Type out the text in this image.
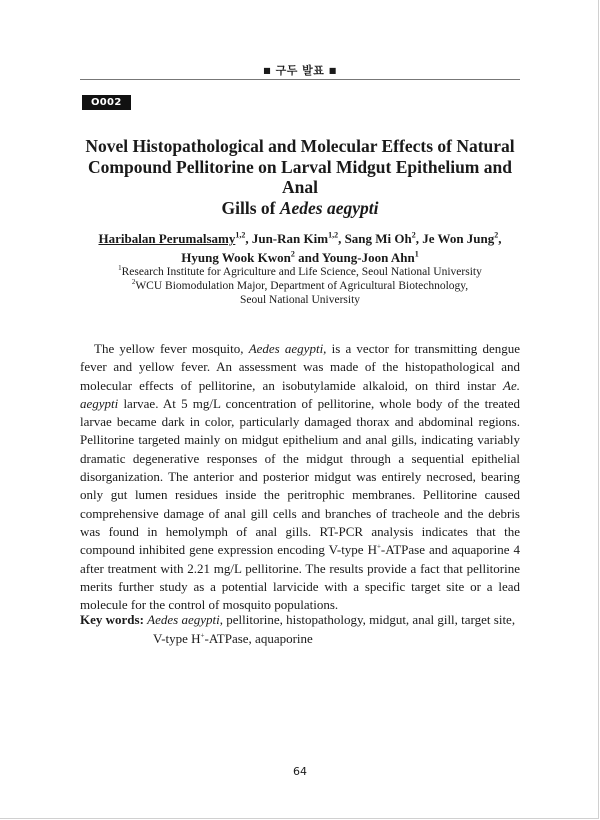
■ 구두 발표 ■
O002
Novel Histopathological and Molecular Effects of Natural
Compound Pellitorine on Larval Midgut Epithelium and Anal
Gills of Aedes aegypti
Haribalan Perumalsamy$^{1,2}$, Jun-Ran Kim$^{1,2}$, Sang Mi Oh$^2$, Je Won Jung$^2$,
Hyung Wook Kwon$^2$ and Young-Joon Ahn$^1$
$^1$Research Institute for Agriculture and Life Science, Seoul National University
$^2$WCU Biomodulation Major, Department of Agricultural Biotechnology,
Seoul National University

The yellow fever mosquito, Aedes aegypti, is a vector for transmitting dengue fever and yellow fever. An assessment was made of the histopathological and molecular effects of pellitorine, an isobutylamide alkaloid, on third instar Ae. aegypti larvae. At 5 mg/L concentration of pellitorine, whole body of the treated larvae became dark in color, particularly damaged thorax and abdominal regions. Pellitorine targeted mainly on midgut epithelium and anal gills, indicating variably dramatic degenerative responses of the midgut through a sequential epithelial disorganization. The anterior and posterior midgut was entirely necrosed, bearing only gut lumen residues inside the peritrophic membranes. Pellitorine caused comprehensive damage of anal gill cells and branches of tracheole and the debris was found in hemolymph of anal gills. RT-PCR analysis indicates that the compound inhibited gene expression encoding V-type H+-ATPase and aquaporine 4 after treatment with 2.21 mg/L pellitorine. The results provide a fact that pellitorine merits further study as a potential larvicide with a specific target site or a lead molecule for the control of mosquito populations.

Key words: Aedes aegypti, pellitorine, histopathology, midgut, anal gill, target site,
V-type H+-ATPase, aquaporine
64
